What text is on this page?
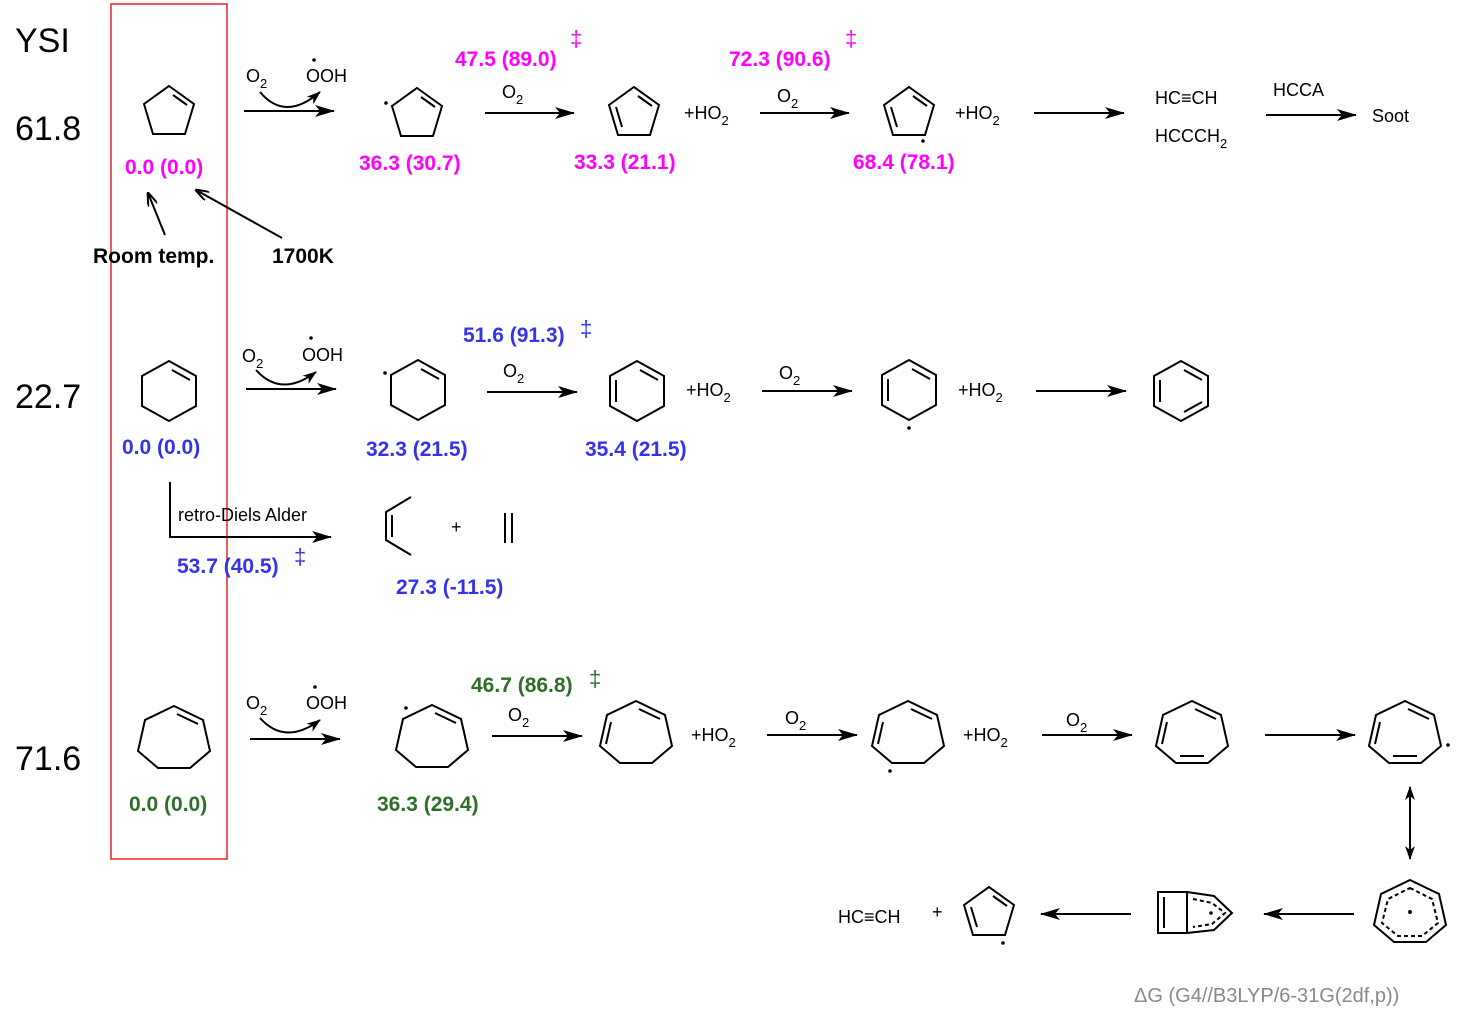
YSI
61.8
22.7
71.6
0.0 (0.0)
Room temp.	1700K
$O_2$ OOH
36.3 (30.7)
47.5 (89.0)
‡
$O_2$
33.3 (21.1)
$+HO_2$
72.3 (90.6)
‡
$O_2$
68.4 (78.1)
$+HO_2$
HC≡CH
$HCCCH_2$
HCCA
Soot
0.0 (0.0)
$O_2$ OOH
32.3 (21.5)
51.6 (91.3) ‡
$O_2$
35.4 (21.5)
$+HO_2$
$O_2$	$+HO_2$
retro-Diels Alder
53.7 (40.5) ‡
+
27.3 (-11.5)
0.0 (0.0)
$O_2$ OOH
36.3 (29.4)
46.7 (86.8) ‡
$O_2$
$+HO_2$
$O_2$	$+HO_2$
$O_2$
+
HC≡CH
ΔG (G4//B3LYP/6-31G(2df,p))
